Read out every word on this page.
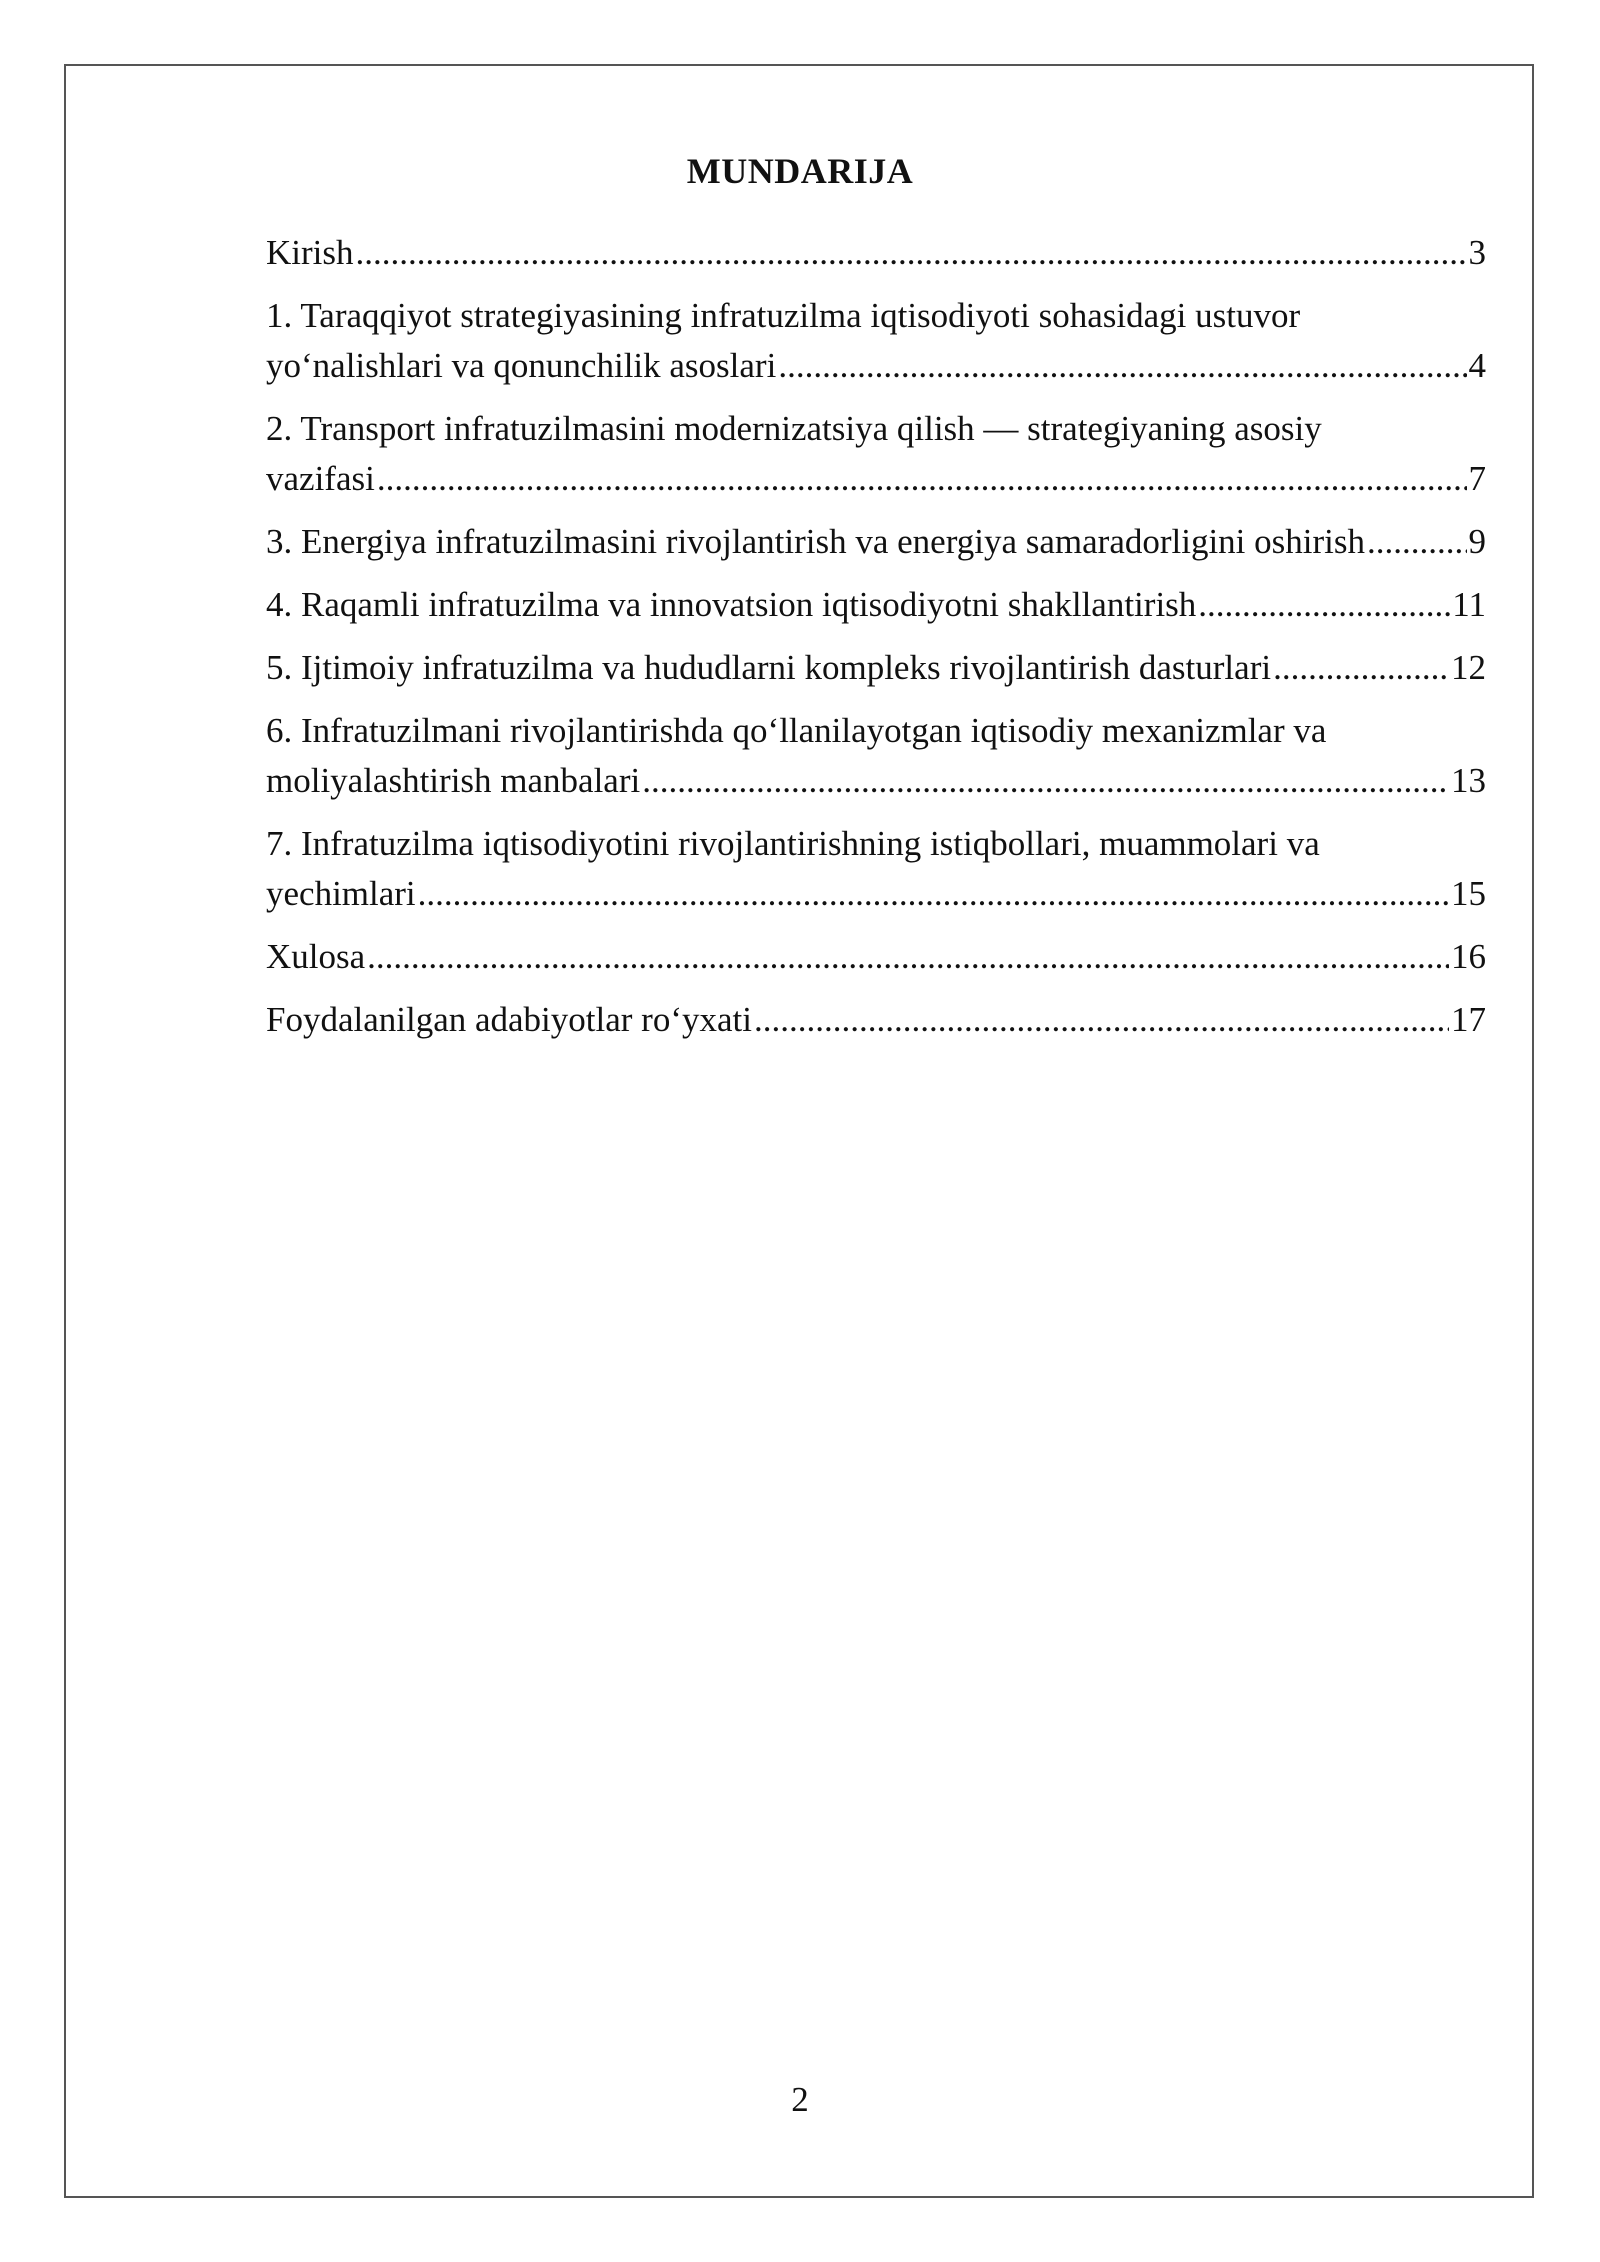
MUNDARIJA
Kirish .....	3
1. Taraqqiyot strategiyasining infratuzilma iqtisodiyoti sohasidagi ustuvor
yo‘nalishlari va qonunchilik asoslari .....	4
2. Transport infratuzilmasini modernizatsiya qilish — strategiyaning asosiy
vazifasi .....	7
3. Energiya infratuzilmasini rivojlantirish va energiya samaradorligini oshirish .....	9
4. Raqamli infratuzilma va innovatsion iqtisodiyotni shakllantirish .....	11
5. Ijtimoiy infratuzilma va hududlarni kompleks rivojlantirish dasturlari .....	12
6. Infratuzilmani rivojlantirishda qo‘llanilayotgan iqtisodiy mexanizmlar va
moliyalashtirish manbalari .....	13
7. Infratuzilma iqtisodiyotini rivojlantirishning istiqbollari, muammolari va
yechimlari .....	15
Xulosa .....	16
Foydalanilgan adabiyotlar ro‘yxati .....	17
2
